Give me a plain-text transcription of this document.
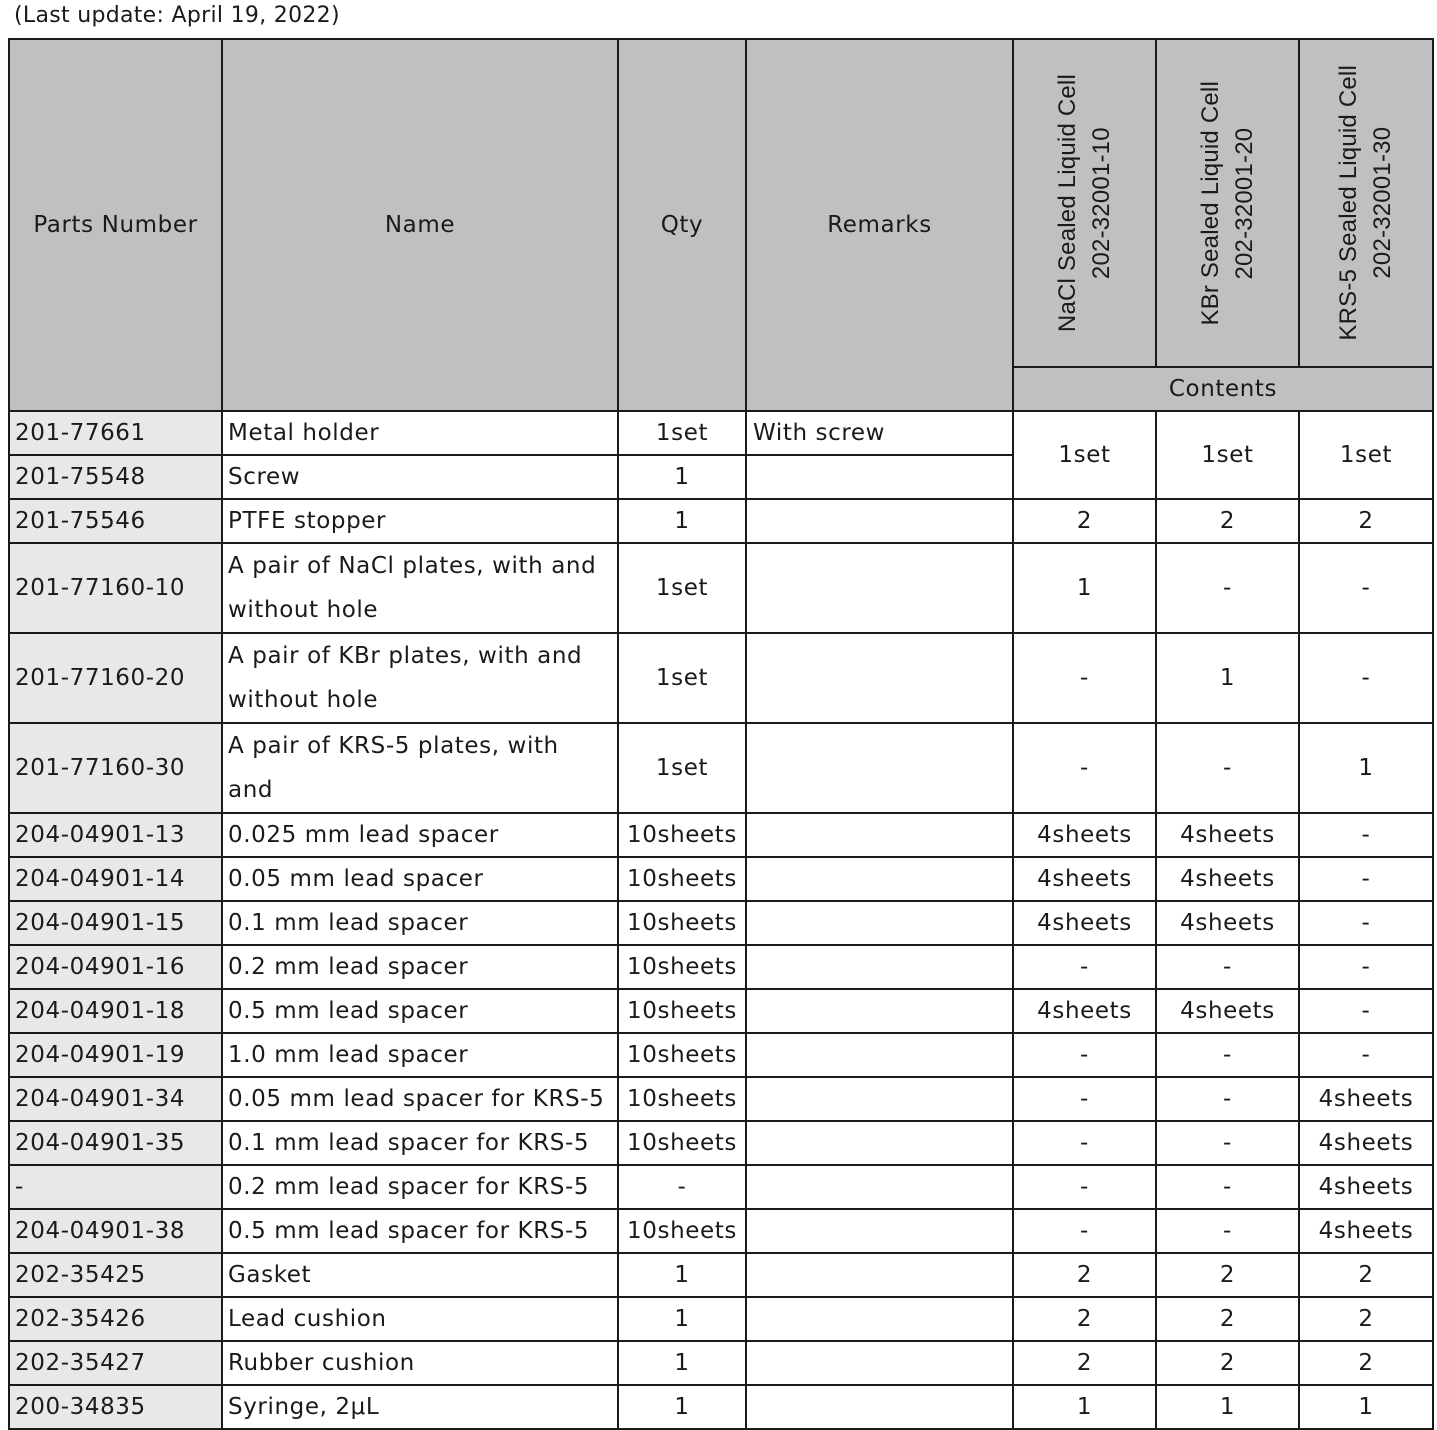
(Last update: April 19, 2022)
Parts Number	Name	Qty	Remarks	NaCl Sealed Liquid Cell 202-32001-10	KBr Sealed Liquid Cell 202-32001-20	KRS-5 Sealed Liquid Cell 202-32001-30

				Contents		
201-77661	Metal holder	1set	With screw	1set	1set	1set
201-75548	Screw	1				
201-75546	PTFE stopper	1		2	2	2
201-77160-10	A pair of NaCl plates, with and without hole	1set		1	-	-
201-77160-20	A pair of KBr plates, with and without hole	1set		-	1	-
201-77160-30	A pair of KRS-5 plates, with and	1set		-	-	1
204-04901-13	0.025 mm lead spacer	10sheets		4sheets	4sheets	-
204-04901-14	0.05 mm lead spacer	10sheets		4sheets	4sheets	-
204-04901-15	0.1 mm lead spacer	10sheets		4sheets	4sheets	-
204-04901-16	0.2 mm lead spacer	10sheets		-	-	-
204-04901-18	0.5 mm lead spacer	10sheets		4sheets	4sheets	-
204-04901-19	1.0 mm lead spacer	10sheets		-	-	-
204-04901-34	0.05 mm lead spacer for KRS-5	10sheets		-	-	4sheets
204-04901-35	0.1 mm lead spacer for KRS-5	10sheets		-	-	4sheets
-	0.2 mm lead spacer for KRS-5	-		-	-	4sheets
204-04901-38	0.5 mm lead spacer for KRS-5	10sheets		-	-	4sheets
202-35425	Gasket	1		2	2	2
202-35426	Lead cushion	1		2	2	2
202-35427	Rubber cushion	1		2	2	2
200-34835	Syringe, 2μL	1		1	1	1
